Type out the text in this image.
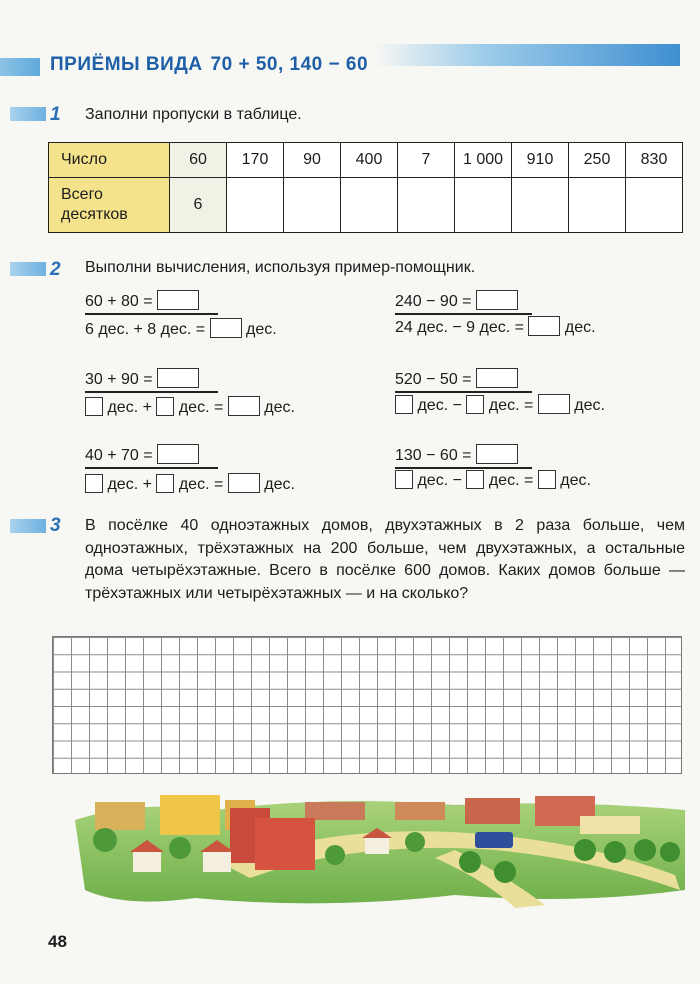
ПРИЁМЫ ВИДА 70 + 50, 140 − 60
1 Заполни пропуски в таблице.
Число	60	170	90	400	7	1 000	910	250	830
Всего
десятков	6								
2 Выполни вычисления, используя пример-помощник.
60 + 80 =
6 дес. + 8 дес. =	дес.
30 + 90 =
дес. + дес. =	дес.
40 + 70 =
дес. + дес. =	дес.
240 − 90 =
24 дес. − 9 дес. =	дес.
520 − 50 =
дес. − дес. =	дес.
130 − 60 =
дес. − дес. = дес.
3 В посёлке 40 одноэтажных домов, двухэтажных в 2 раза больше, чем одноэтажных, трёхэтажных на 200 больше, чем двухэтажных, а остальные дома четырёхэтажные. Всего в посёлке 600 домов. Каких домов больше — трёхэтажных или четырёхэтажных — и на сколько?
48
